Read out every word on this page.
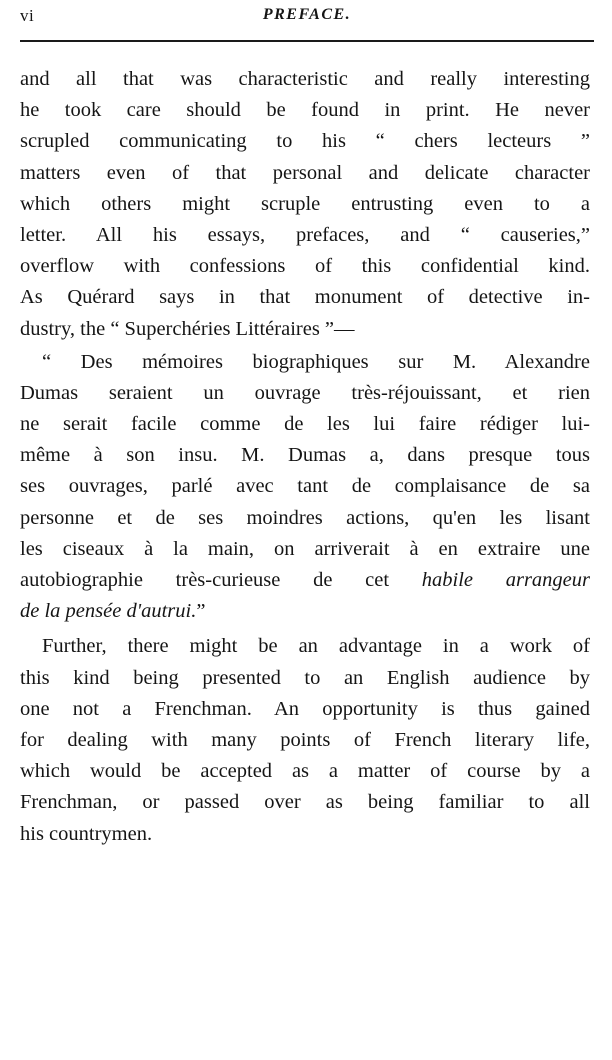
vi	PREFACE.
and all that was characteristic and really interesting
he took care should be found in print. He never
scrupled communicating to his “ chers lecteurs ”
matters even of that personal and delicate character
which others might scruple entrusting even to a
letter. All his essays, prefaces, and “ causeries,”
overflow with confessions of this confidential kind.
As Quérard says in that monument of detective in-
dustry, the “ Superchéries Littéraires ”—
“ Des mémoires biographiques sur M. Alexandre
Dumas seraient un ouvrage très-réjouissant, et rien
ne serait facile comme de les lui faire rédiger lui-
même à son insu. M. Dumas a, dans presque tous
ses ouvrages, parlé avec tant de complaisance de sa
personne et de ses moindres actions, qu'en les lisant
les ciseaux à la main, on arriverait à en extraire une
autobiographie très-curieuse de cet habile arrangeur
de la pensée d'autrui.”
Further, there might be an advantage in a work of
this kind being presented to an English audience by
one not a Frenchman. An opportunity is thus gained
for dealing with many points of French literary life,
which would be accepted as a matter of course by a
Frenchman, or passed over as being familiar to all
his countrymen.
